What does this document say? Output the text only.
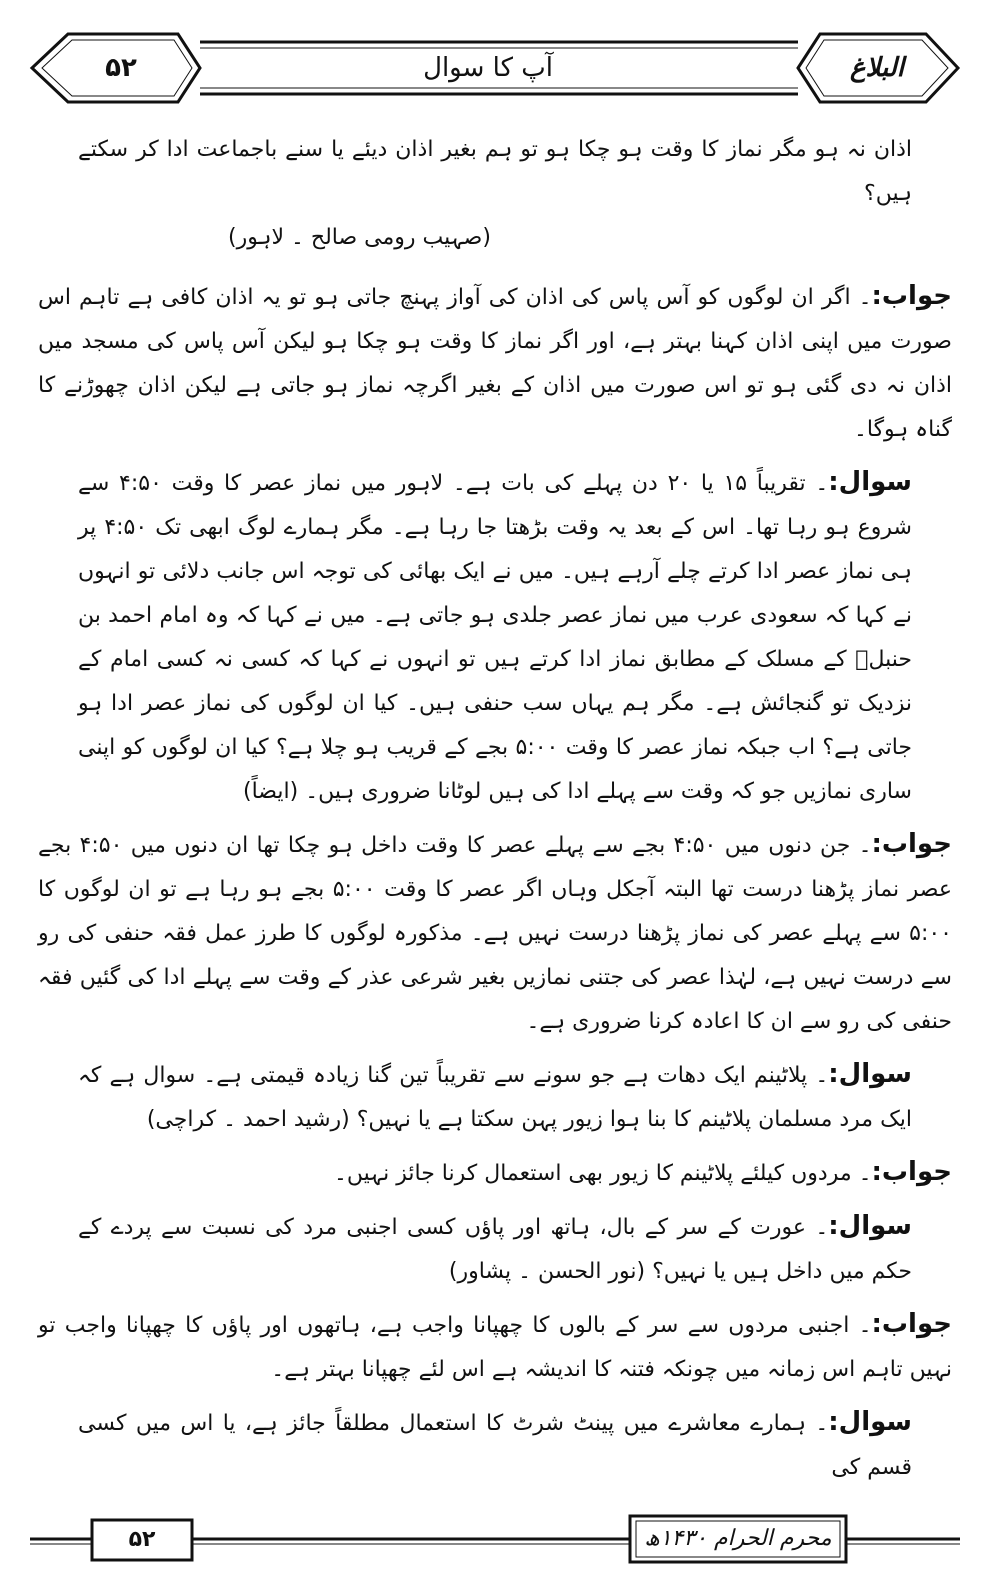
۵۲	آپ کا سوال	البلاغ

اذان نہ ہو مگر نماز کا وقت ہو چکا ہو تو ہم بغیر اذان دیئے یا سنے باجماعت ادا کر سکتے ہیں؟
(صہیب رومی صالح ۔ لاہور)

جواب:۔ اگر ان لوگوں کو آس پاس کی اذان کی آواز پہنچ جاتی ہو تو یہ اذان کافی ہے تاہم اس صورت میں اپنی اذان کہنا بہتر ہے، اور اگر نماز کا وقت ہو چکا ہو لیکن آس پاس کی مسجد میں اذان نہ دی گئی ہو تو اس صورت میں اذان کے بغیر اگرچہ نماز ہو جاتی ہے لیکن اذان چھوڑنے کا گناہ ہوگا۔

سوال:۔ تقریباً ۱۵ یا ۲۰ دن پہلے کی بات ہے۔ لاہور میں نماز عصر کا وقت ۴:۵۰ سے شروع ہو رہا تھا۔ اس کے بعد یہ وقت بڑھتا جا رہا ہے۔ مگر ہمارے لوگ ابھی تک ۴:۵۰ پر ہی نماز عصر ادا کرتے چلے آرہے ہیں۔ میں نے ایک بھائی کی توجہ اس جانب دلائی تو انہوں نے کہا کہ سعودی عرب میں نماز عصر جلدی ہو جاتی ہے۔ میں نے کہا کہ وہ امام احمد بن حنبلؒ کے مسلک کے مطابق نماز ادا کرتے ہیں تو انہوں نے کہا کہ کسی نہ کسی امام کے نزدیک تو گنجائش ہے۔ مگر ہم یہاں سب حنفی ہیں۔ کیا ان لوگوں کی نماز عصر ادا ہو جاتی ہے؟ اب جبکہ نماز عصر کا وقت ۵:۰۰ بجے کے قریب ہو چلا ہے؟ کیا ان لوگوں کو اپنی ساری نمازیں جو کہ وقت سے پہلے ادا کی ہیں لوٹانا ضروری ہیں۔ (ایضاً)

جواب:۔ جن دنوں میں ۴:۵۰ بجے سے پہلے عصر کا وقت داخل ہو چکا تھا ان دنوں میں ۴:۵۰ بجے عصر نماز پڑھنا درست تھا البتہ آجکل وہاں اگر عصر کا وقت ۵:۰۰ بجے ہو رہا ہے تو ان لوگوں کا ۵:۰۰ سے پہلے عصر کی نماز پڑھنا درست نہیں ہے۔ مذکورہ لوگوں کا طرز عمل فقہ حنفی کی رو سے درست نہیں ہے، لہٰذا عصر کی جتنی نمازیں بغیر شرعی عذر کے وقت سے پہلے ادا کی گئیں فقہ حنفی کی رو سے ان کا اعادہ کرنا ضروری ہے۔

سوال:۔ پلاٹینم ایک دھات ہے جو سونے سے تقریباً تین گنا زیادہ قیمتی ہے۔ سوال ہے کہ ایک مرد مسلمان پلاٹینم کا بنا ہوا زیور پہن سکتا ہے یا نہیں؟ (رشید احمد ۔ کراچی)

جواب:۔ مردوں کیلئے پلاٹینم کا زیور بھی استعمال کرنا جائز نہیں۔

سوال:۔ عورت کے سر کے بال، ہاتھ اور پاؤں کسی اجنبی مرد کی نسبت سے پردے کے حکم میں داخل ہیں یا نہیں؟ (نور الحسن ۔ پشاور)

جواب:۔ اجنبی مردوں سے سر کے بالوں کا چھپانا واجب ہے، ہاتھوں اور پاؤں کا چھپانا واجب تو نہیں تاہم اس زمانہ میں چونکہ فتنہ کا اندیشہ ہے اس لئے چھپانا بہتر ہے۔

سوال:۔ ہمارے معاشرے میں پینٹ شرٹ کا استعمال مطلقاً جائز ہے، یا اس میں کسی قسم کی

۵۲	محرم الحرام ۱۴۳۰ھ
